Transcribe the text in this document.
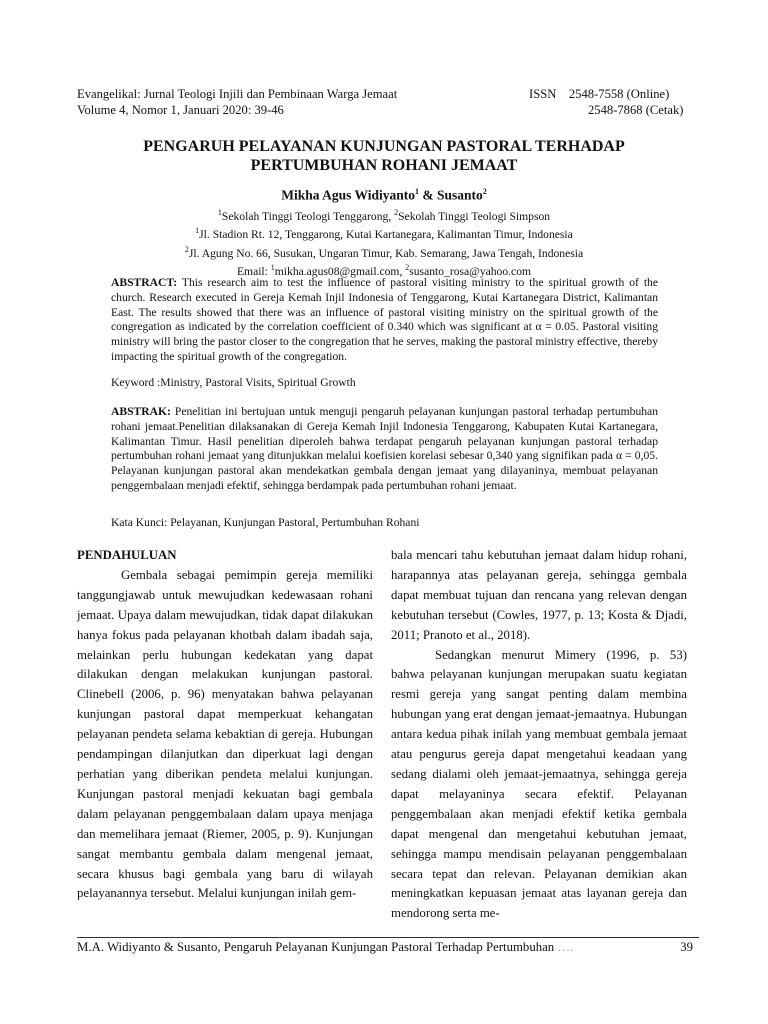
Evangelikal: Jurnal Teologi Injili dan Pembinaan Warga Jemaat
Volume 4, Nomor 1, Januari 2020: 39-46
ISSN    2548-7558 (Online)
2548-7868 (Cetak)
PENGARUH PELAYANAN KUNJUNGAN PASTORAL TERHADAP
PERTUMBUHAN ROHANI JEMAAT
Mikha Agus Widiyanto$^1$ & Susanto$^2$
$^1$Sekolah Tinggi Teologi Tenggarong, $^2$Sekolah Tinggi Teologi Simpson
$^1$Jl. Stadion Rt. 12, Tenggarong, Kutai Kartanegara, Kalimantan Timur, Indonesia
$^2$Jl. Agung No. 66, Susukan, Ungaran Timur, Kab. Semarang, Jawa Tengah, Indonesia
Email: $^1$mikha.agus08@gmail.com, $^2$susanto_rosa@yahoo.com
ABSTRACT: This research aim to test the influence of pastoral visiting ministry to the spiritual growth of the church. Research executed in Gereja Kemah Injil Indonesia of Tenggarong, Kutai Kartanegara District, Kalimantan East. The results showed that there was an influence of pastoral visiting ministry on the spiritual growth of the congregation as indicated by the correlation coefficient of 0.340 which was significant at α = 0.05. Pastoral visiting ministry will bring the pastor closer to the congregation that he serves, making the pastoral ministry effective, thereby impacting the spiritual growth of the congregation.
Keyword :Ministry, Pastoral Visits, Spiritual Growth
ABSTRAK: Penelitian ini bertujuan untuk menguji pengaruh pelayanan kunjungan pastoral terhadap pertumbuhan rohani jemaat.Penelitian dilaksanakan di Gereja Kemah Injil Indonesia Tenggarong, Kabupaten Kutai Kartanegara, Kalimantan Timur. Hasil penelitian diperoleh bahwa terdapat pengaruh pelayanan kunjungan pastoral terhadap pertumbuhan rohani jemaat yang ditunjukkan melalui koefisien korelasi sebesar 0,340 yang signifikan pada α = 0,05. Pelayanan kunjungan pastoral akan mendekatkan gembala dengan jemaat yang dilayaninya, membuat pelayanan penggembalaan menjadi efektif, sehingga berdampak pada pertumbuhan rohani jemaat.
Kata Kunci: Pelayanan, Kunjungan Pastoral, Pertumbuhan Rohani

PENDAHULUAN

Gembala sebagai pemimpin gereja memiliki tanggungjawab untuk mewujudkan kedewasaan rohani jemaat. Upaya dalam mewujudkan, tidak dapat dilakukan hanya fokus pada pelayanan khotbah dalam ibadah saja, melainkan perlu hubungan kedekatan yang dapat dilakukan dengan melakukan kunjungan pastoral. Clinebell (2006, p. 96) menyatakan bahwa pelayanan kunjungan pastoral dapat memperkuat kehangatan pelayanan pendeta selama kebaktian di gereja. Hubungan pendampingan dilanjutkan dan diperkuat lagi dengan perhatian yang diberikan pendeta melalui kunjungan. Kunjungan pastoral menjadi kekuatan bagi gembala dalam pelayanan penggembalaan dalam upaya menjaga dan memelihara jemaat (Riemer, 2005, p. 9). Kunjungan sangat membantu gembala dalam mengenal jemaat, secara khusus bagi gembala yang baru di wilayah pelayanannya tersebut. Melalui kunjungan inilah gem-

bala mencari tahu kebutuhan jemaat dalam hidup rohani, harapannya atas pelayanan gereja, sehingga gembala dapat membuat tujuan dan rencana yang relevan dengan kebutuhan tersebut (Cowles, 1977, p. 13; Kosta & Djadi, 2011; Pranoto et al., 2018).

Sedangkan menurut Mimery (1996, p. 53) bahwa pelayanan kunjungan merupakan suatu kegiatan resmi gereja yang sangat penting dalam membina hubungan yang erat dengan jemaat-jemaatnya. Hubungan antara kedua pihak inilah yang membuat gembala jemaat atau pengurus gereja dapat mengetahui keadaan yang sedang dialami oleh jemaat-jemaatnya, sehingga gereja dapat melayaninya secara efektif. Pelayanan penggembalaan akan menjadi efektif ketika gembala dapat mengenal dan mengetahui kebutuhan jemaat, sehingga mampu mendisain pelayanan penggembalaan secara tepat dan relevan. Pelayanan demikian akan meningkatkan kepuasan jemaat atas layanan gereja dan mendorong serta me-

M.A. Widiyanto & Susanto, Pengaruh Pelayanan Kunjungan Pastoral Terhadap Pertumbuhan ….	39
